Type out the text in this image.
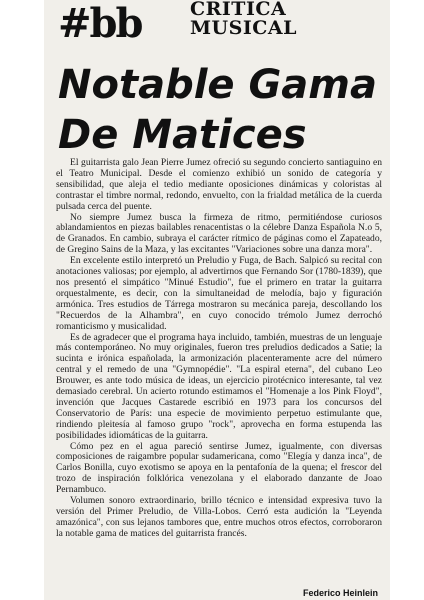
#bb	CRITICA
MUSICAL
Notable Gama
De Matices

El guitarrista galo Jean Pierre Jumez ofreció su segundo concierto santiaguino en el Teatro Municipal. Desde el comienzo exhibió un sonido de categoría y sensibilidad, que aleja el tedio mediante oposiciones dinámicas y coloristas al contrastar el timbre normal, redondo, envuelto, con la frialdad metálica de la cuerda pulsada cerca del puente.

No siempre Jumez busca la firmeza de ritmo, permitiéndose curiosos ablandamientos en piezas bailables renacentistas o la célebre Danza Española N.o 5, de Granados. En cambio, subraya el carácter rítmico de páginas como el Zapateado, de Gregino Sains de la Maza, y las excitantes "Variaciones sobre una danza mora".

En excelente estilo interpretó un Preludio y Fuga, de Bach. Salpicó su recital con anotaciones valiosas; por ejemplo, al advertirnos que Fernando Sor (1780-1839), que nos presentó el simpático "Minué Estudio", fue el primero en tratar la guitarra orquestalmente, es decir, con la simultaneidad de melodía, bajo y figuración armónica. Tres estudios de Tárrega mostraron su mecánica pareja, descollando los "Recuerdos de la Alhambra", en cuyo conocido trémolo Jumez derrochó romanticismo y musicalidad.

Es de agradecer que el programa haya incluido, también, muestras de un lenguaje más contemporáneo. No muy originales, fueron tres preludios dedicados a Satie; la sucinta e irónica españolada, la armonización placenteramente acre del número central y el remedo de una "Gymnopédie". "La espiral eterna", del cubano Leo Brouwer, es ante todo música de ideas, un ejercicio pirotécnico interesante, tal vez demasiado cerebral. Un acierto rotundo estimamos el "Homenaje a los Pink Floyd", invención que Jacques Castarede escribió en 1973 para los concursos del Conservatorio de París: una especie de movimiento perpetuo estimulante que, rindiendo pleitesía al famoso grupo "rock", aprovecha en forma estupenda las posibilidades idiomáticas de la guitarra.

Cómo pez en el agua pareció sentirse Jumez, igualmente, con diversas composiciones de raigambre popular sudamericana, como "Elegía y danza inca", de Carlos Bonilla, cuyo exotismo se apoya en la pentafonía de la quena; el frescor del trozo de inspiración folklórica venezolana y el elaborado danzante de Joao Pernambuco.

Volumen sonoro extraordinario, brillo técnico e intensidad expresiva tuvo la versión del Primer Preludio, de Villa-Lobos. Cerró esta audición la "Leyenda amazónica", con sus lejanos tambores que, entre muchos otros efectos, corroboraron la notable gama de matices del guitarrista francés.

Federico Heinlein
